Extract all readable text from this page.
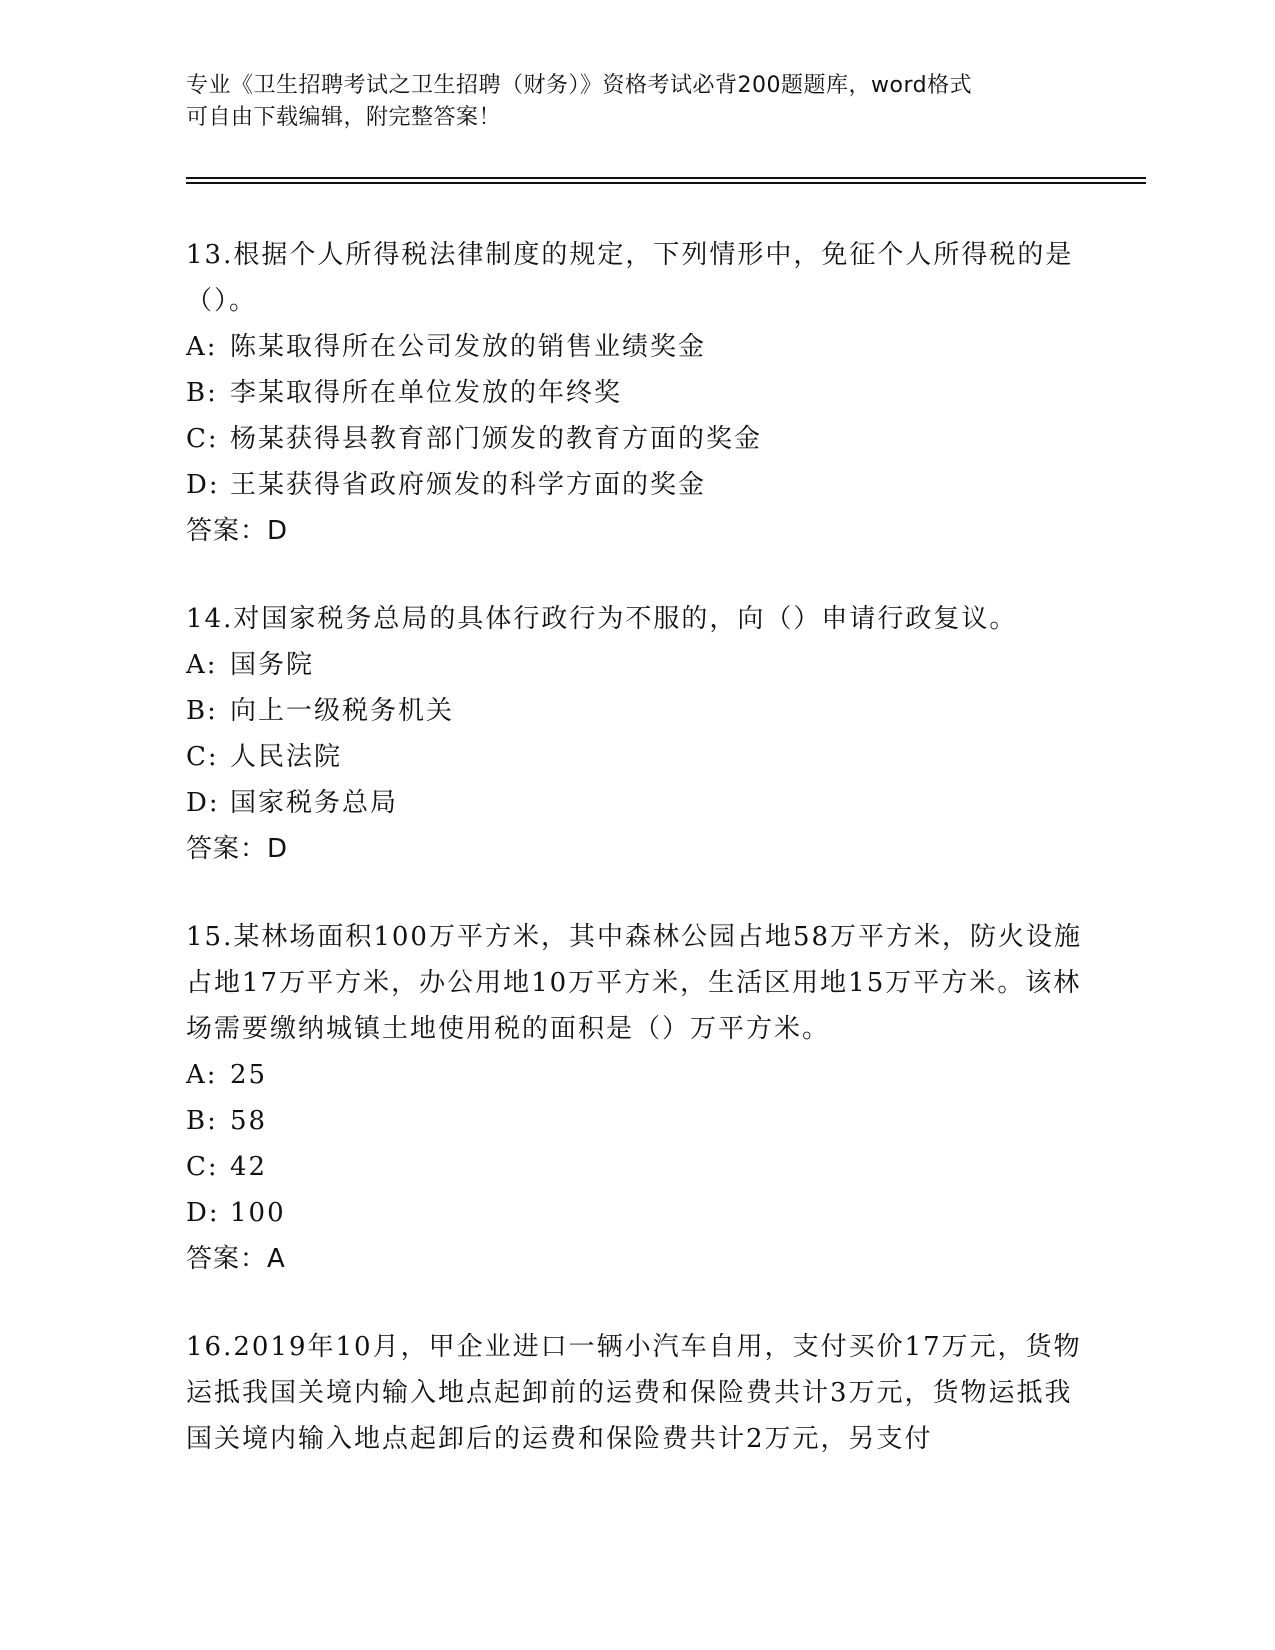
专业《卫生招聘考试之卫生招聘（财务）》资格考试必背200题题库，word格式
可自由下载编辑，附完整答案！
13.根据个人所得税法律制度的规定，下列情形中，免征个人所得税的是（）。
A: 陈某取得所在公司发放的销售业绩奖金
B: 李某取得所在单位发放的年终奖
C: 杨某获得县教育部门颁发的教育方面的奖金
D: 王某获得省政府颁发的科学方面的奖金
答案：D
14.对国家税务总局的具体行政行为不服的，向（）申请行政复议。
A: 国务院
B: 向上一级税务机关
C: 人民法院
D: 国家税务总局
答案：D
15.某林场面积100万平方米，其中森林公园占地58万平方米，防火设施占地17万平方米，办公用地10万平方米，生活区用地15万平方米。该林场需要缴纳城镇土地使用税的面积是（）万平方米。
A: 25
B: 58
C: 42
D: 100
答案：A
16.2019年10月，甲企业进口一辆小汽车自用，支付买价17万元，货物运抵我国关境内输入地点起卸前的运费和保险费共计3万元，货物运抵我国关境内输入地点起卸后的运费和保险费共计2万元，另支付
